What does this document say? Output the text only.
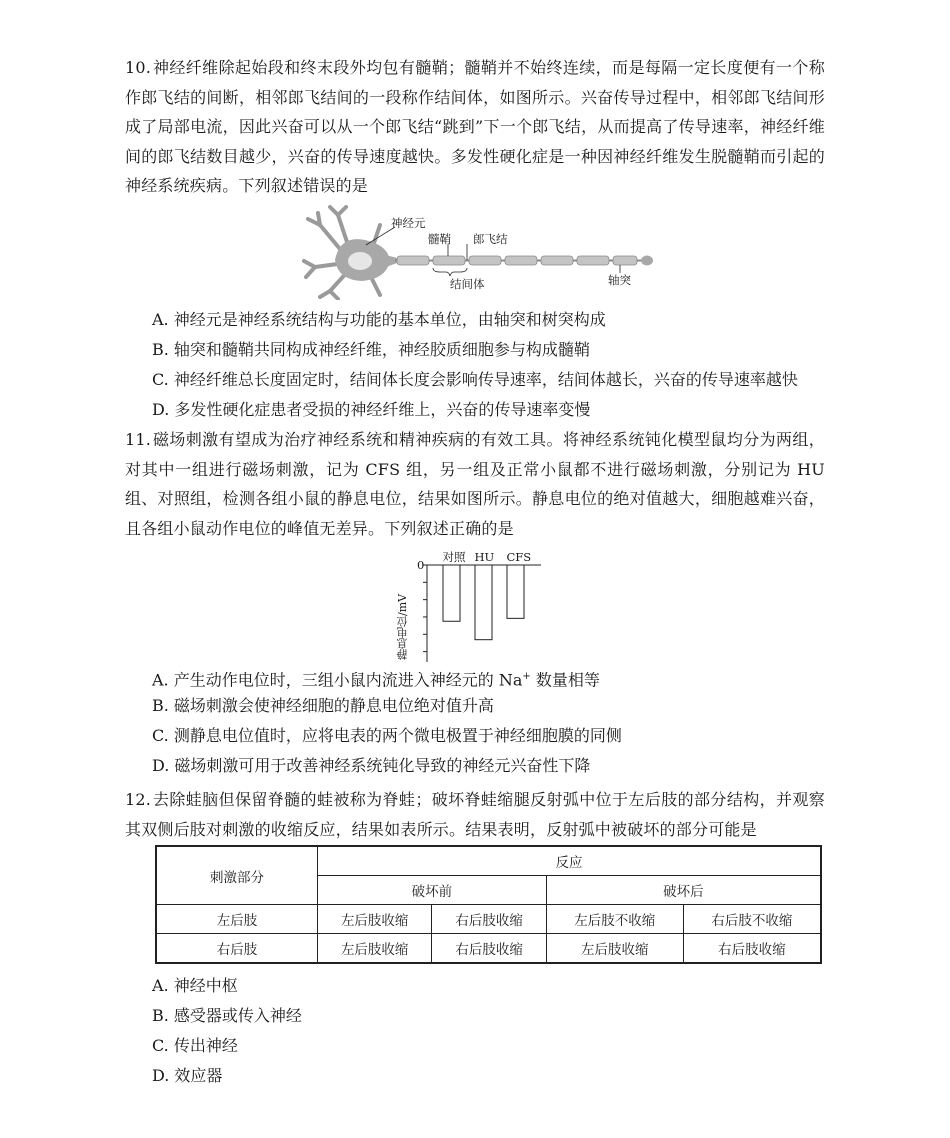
10. 神经纤维除起始段和终末段外均包有髓鞘；髓鞘并不始终连续，而是每隔一定长度便有一个称作郎飞结的间断，相邻郎飞结间的一段称作结间体，如图所示。兴奋传导过程中，相邻郎飞结间形成了局部电流，因此兴奋可以从一个郎飞结“跳到”下一个郎飞结，从而提高了传导速率，神经纤维间的郎飞结数目越少，兴奋的传导速度越快。多发性硬化症是一种因神经纤维发生脱髓鞘而引起的神经系统疾病。下列叙述错误的是
神经元
髓鞘 郎飞结
结间体	轴突
A. 神经元是神经系统结构与功能的基本单位，由轴突和树突构成
B. 轴突和髓鞘共同构成神经纤维，神经胶质细胞参与构成髓鞘
C. 神经纤维总长度固定时，结间体长度会影响传导速率，结间体越长，兴奋的传导速率越快
D. 多发性硬化症患者受损的神经纤维上，兴奋的传导速率变慢
11. 磁场刺激有望成为治疗神经系统和精神疾病的有效工具。将神经系统钝化模型鼠均分为两组，对其中一组进行磁场刺激，记为 CFS 组，另一组及正常小鼠都不进行磁场刺激，分别记为 HU 组、对照组，检测各组小鼠的静息电位，结果如图所示。静息电位的绝对值越大，细胞越难兴奋，且各组小鼠动作电位的峰值无差异。下列叙述正确的是
0
对照 HU CFS
静息电位/mV
A. 产生动作电位时，三组小鼠内流进入神经元的 Na+ 数量相等
B. 磁场刺激会使神经细胞的静息电位绝对值升高
C. 测静息电位值时，应将电表的两个微电极置于神经细胞膜的同侧
D. 磁场刺激可用于改善神经系统钝化导致的神经元兴奋性下降
12. 去除蛙脑但保留脊髓的蛙被称为脊蛙；破坏脊蛙缩腿反射弧中位于左后肢的部分结构，并观察其双侧后肢对刺激的收缩反应，结果如表所示。结果表明，反射弧中被破坏的部分可能是
刺激部分	反应			
	破坏前		破坏后	
左后肢	左后肢收缩	右后肢收缩	左后肢不收缩	右后肢不收缩
右后肢	左后肢收缩	右后肢收缩	左后肢收缩	右后肢收缩
A. 神经中枢
B. 感受器或传入神经
C. 传出神经
D. 效应器
